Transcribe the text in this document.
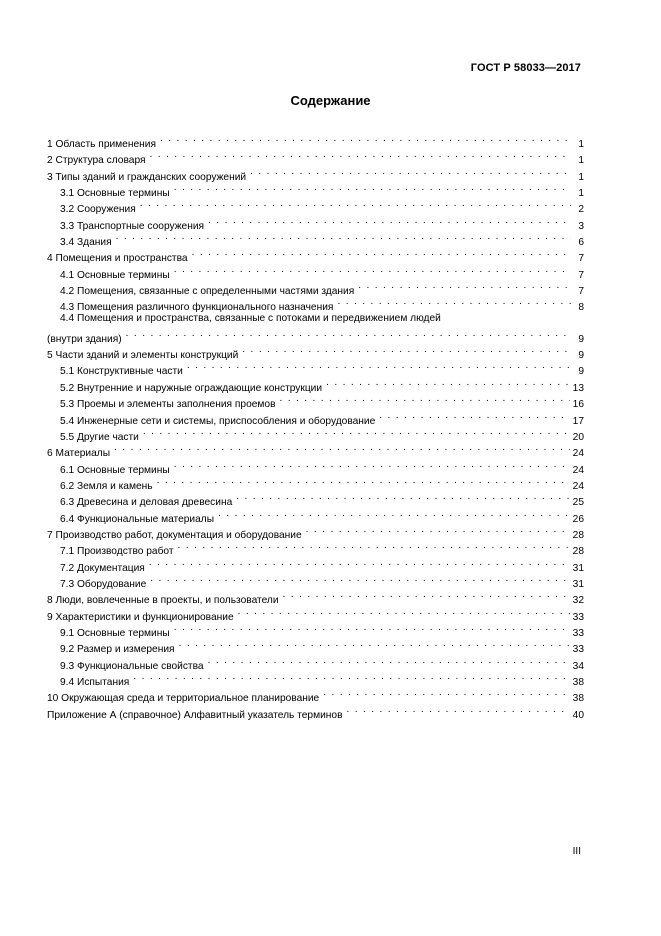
ГОСТ Р 58033—2017
Содержание
1 Область применения . . .	1
2 Структура словаря . . .	1
3 Типы зданий и гражданских сооружений . . .	1
3.1 Основные термины . . .	1
3.2 Сооружения . . .	2
3.3 Транспортные сооружения . . .	3
3.4 Здания . . .	6
4 Помещения и пространства . . .	7
4.1 Основные термины . . .	7
4.2 Помещения, связанные с определенными частями здания . . .	7
4.3 Помещения различного функционального назначения . . .	8
4.4 Помещения и пространства, связанные с потоками и передвижением людей
(внутри здания) . . .	9
5 Части зданий и элементы конструкций . . .	9
5.1 Конструктивные части . . .	9
5.2 Внутренние и наружные ограждающие конструкции . . .	13
5.3 Проемы и элементы заполнения проемов . . .	16
5.4 Инженерные сети и системы, приспособления и оборудование . . .	17
5.5 Другие части . . .	20
6 Материалы . . .	24
6.1 Основные термины . . .	24
6.2 Земля и камень . . .	24
6.3 Древесина и деловая древесина . . .	25
6.4 Функциональные материалы . . .	26
7 Производство работ, документация и оборудование . . .	28
7.1 Производство работ . . .	28
7.2 Документация . . .	31
7.3 Оборудование . . .	31
8 Люди, вовлеченные в проекты, и пользователи . . .	32
9 Характеристики и функционирование . . .	33
9.1 Основные термины . . .	33
9.2 Размер и измерения . . .	33
9.3 Функциональные свойства . . .	34
9.4 Испытания . . .	38
10 Окружающая среда и территориальное планирование . . .	38
Приложение А (справочное) Алфавитный указатель терминов . . .	40
III
